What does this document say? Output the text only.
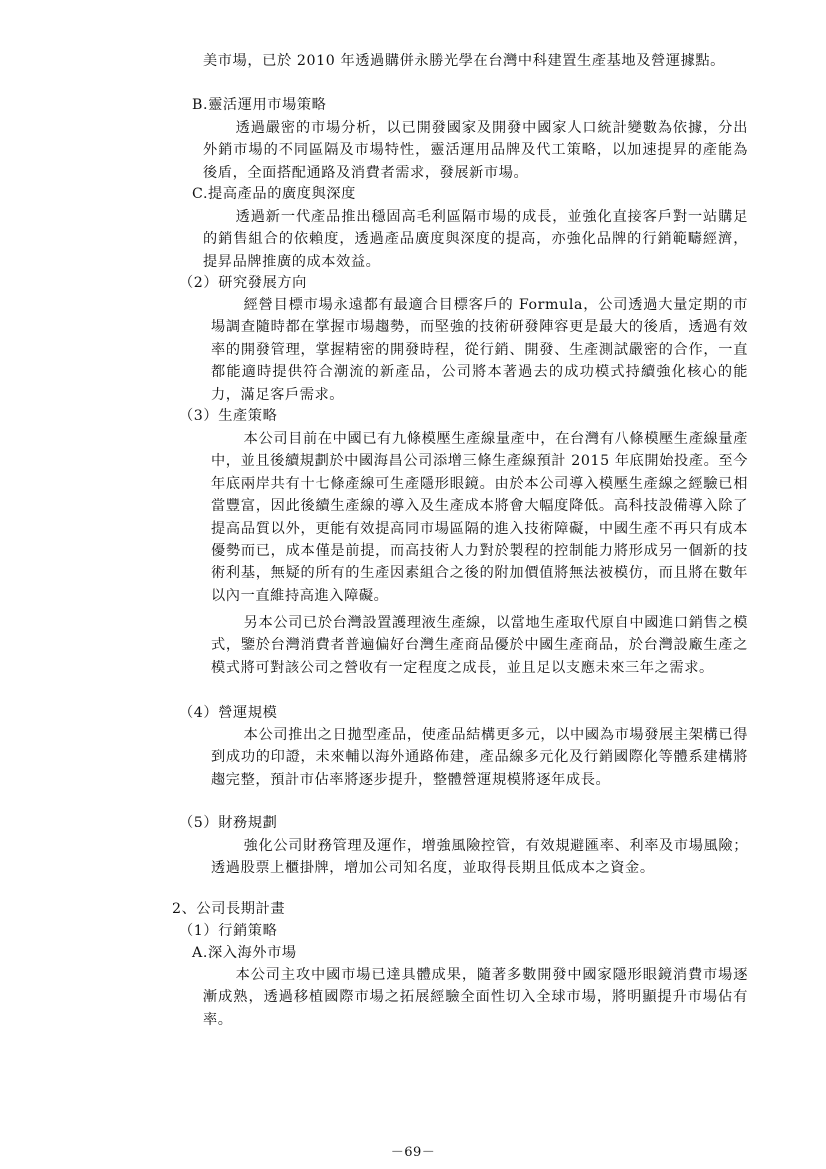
美市場，已於 2010 年透過購併永勝光學在台灣中科建置生產基地及營運據點。

B.靈活運用市場策略

透過嚴密的市場分析，以已開發國家及開發中國家人口統計變數為依據，分出外銷市場的不同區隔及市場特性，靈活運用品牌及代工策略，以加速提昇的產能為後盾，全面搭配通路及消費者需求，發展新市場。

C.提高產品的廣度與深度

透過新一代產品推出穩固高毛利區隔市場的成長，並強化直接客戶對一站購足的銷售組合的依賴度，透過產品廣度與深度的提高，亦強化品牌的行銷範疇經濟，提昇品牌推廣的成本效益。

（2）研究發展方向

經營目標市場永遠都有最適合目標客戶的 Formula，公司透過大量定期的市場調查隨時都在掌握市場趨勢，而堅強的技術研發陣容更是最大的後盾，透過有效率的開發管理，掌握精密的開發時程，從行銷、開發、生產測試嚴密的合作，一直都能適時提供符合潮流的新產品，公司將本著過去的成功模式持續強化核心的能力，滿足客戶需求。

（3）生產策略

本公司目前在中國已有九條模壓生產線量產中，在台灣有八條模壓生產線量產中，並且後續規劃於中國海昌公司添增三條生產線預計 2015 年底開始投產。至今年底兩岸共有十七條產線可生產隱形眼鏡。由於本公司導入模壓生產線之經驗已相當豐富，因此後續生產線的導入及生產成本將會大幅度降低。高科技設備導入除了提高品質以外，更能有效提高同市場區隔的進入技術障礙，中國生產不再只有成本優勢而已，成本僅是前提，而高技術人力對於製程的控制能力將形成另一個新的技術利基，無疑的所有的生產因素組合之後的附加價值將無法被模仿，而且將在數年以內一直維持高進入障礙。

另本公司已於台灣設置護理液生產線，以當地生產取代原自中國進口銷售之模式，鑒於台灣消費者普遍偏好台灣生產商品優於中國生產商品，於台灣設廠生產之模式將可對該公司之營收有一定程度之成長，並且足以支應未來三年之需求。

（4）營運規模

本公司推出之日拋型產品，使產品結構更多元，以中國為市場發展主架構已得到成功的印證，未來輔以海外通路佈建，產品線多元化及行銷國際化等體系建構將趨完整，預計市佔率將逐步提升，整體營運規模將逐年成長。

（5）財務規劃

強化公司財務管理及運作，增強風險控管，有效規避匯率、利率及市場風險；透過股票上櫃掛牌，增加公司知名度，並取得長期且低成本之資金。

2、公司長期計畫

（1）行銷策略

A.深入海外市場

本公司主攻中國市場已達具體成果，隨著多數開發中國家隱形眼鏡消費市場逐漸成熟，透過移植國際市場之拓展經驗全面性切入全球市場，將明顯提升市場佔有率。

－69－
